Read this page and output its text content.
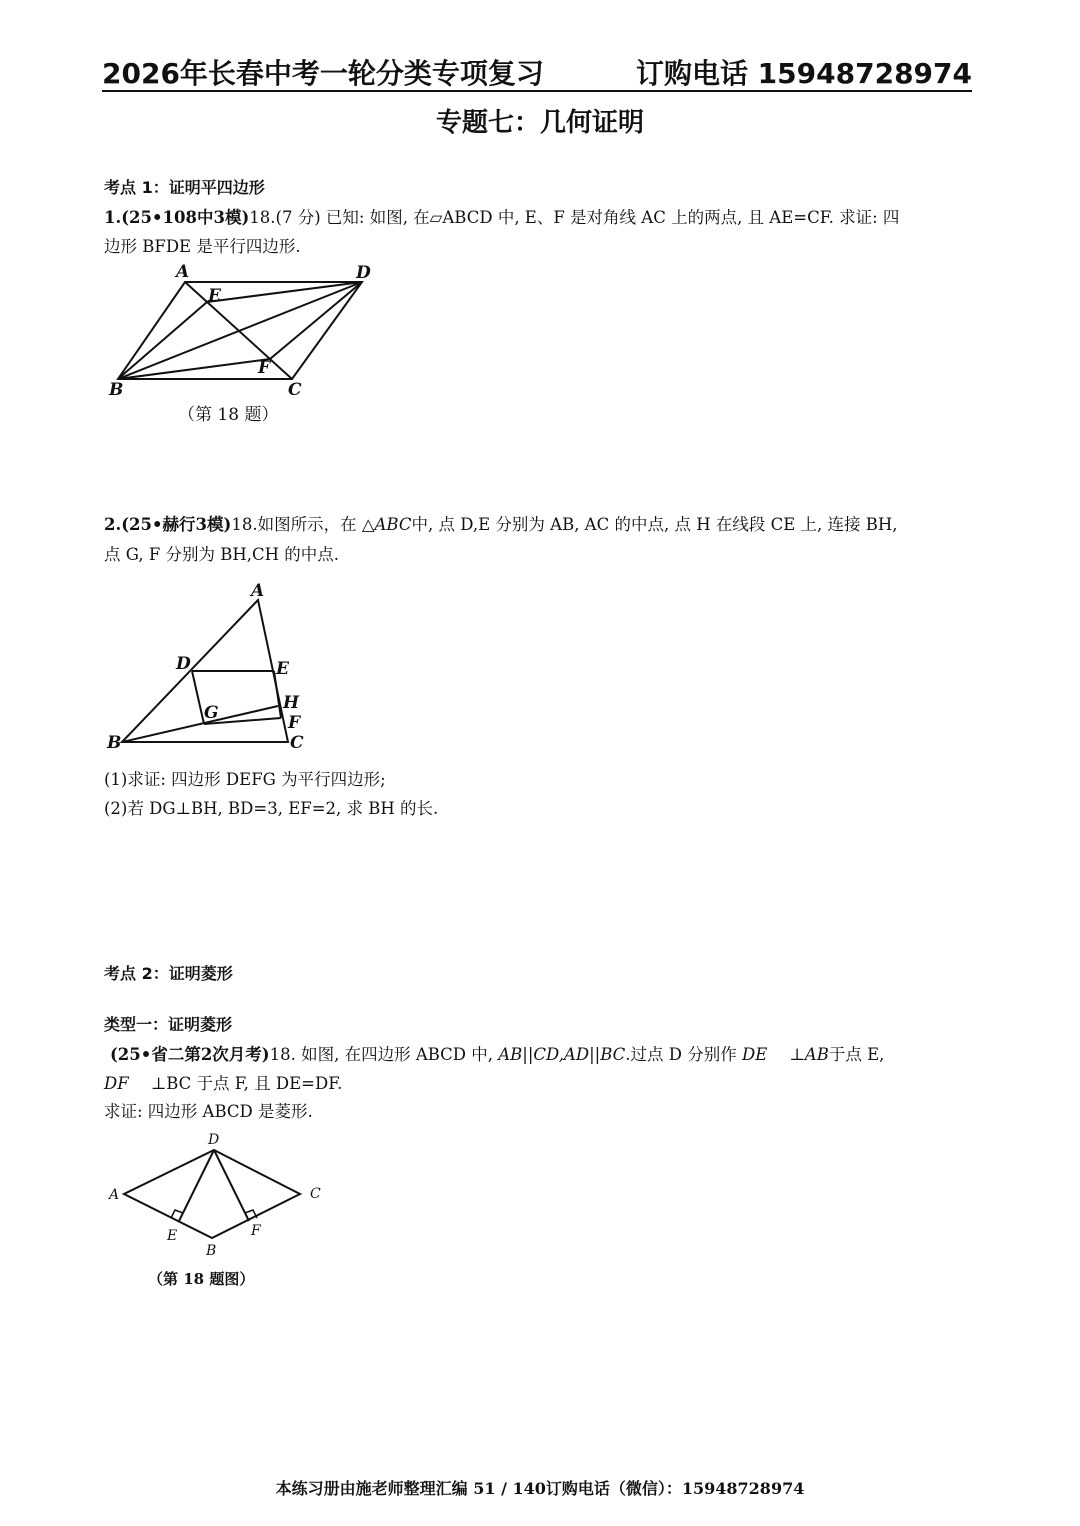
2026年长春中考一轮分类专项复习	订购电话 15948728974
专题七：几何证明
考点 1：证明平四边形
1.(25•108中3模)18.(7 分) 已知: 如图, 在▱ABCD 中, E、F 是对角线 AC 上的两点, 且 AE=CF. 求证: 四
边形 BFDE 是平行四边形.
A	D
E
F
B	C
（第 18 题）
2.(25•赫行3模)18.如图所示，在 △ABC中, 点 D,E 分别为 AB, AC 的中点, 点 H 在线段 CE 上, 连接 BH,
点 G, F 分别为 BH,CH 的中点.
A
D	E
H
G	F
B	C
(1)求证: 四边形 DEFG 为平行四边形;
(2)若 DG⊥BH, BD=3, EF=2, 求 BH 的长.
考点 2：证明菱形
类型一：证明菱形
(25•省二第2次月考)18. 如图, 在四边形 ABCD 中, AB||CD,AD||BC.过点 D 分别作 DE ⊥AB于点 E,
DF ⊥BC 于点 F, 且 DE=DF.
求证: 四边形 ABCD 是菱形.
D
A	C
E	F
B
（第 18 题图）
本练习册由施老师整理汇编 51 / 140订购电话（微信）：15948728974
